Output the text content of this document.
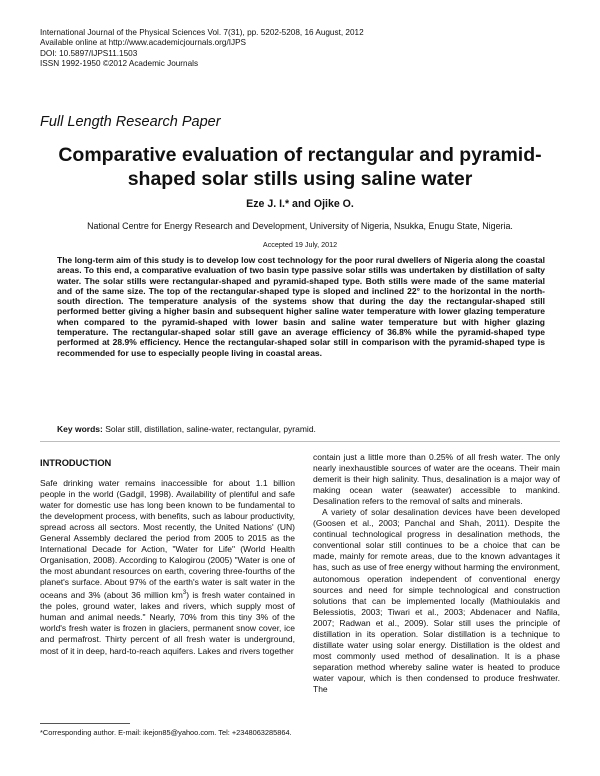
International Journal of the Physical Sciences Vol. 7(31), pp. 5202-5208, 16 August, 2012
Available online at http://www.academicjournals.org/IJPS
DOI: 10.5897/IJPS11.1503
ISSN 1992-1950 ©2012 Academic Journals
Full Length Research Paper
Comparative evaluation of rectangular and pyramid-shaped solar stills using saline water
Eze J. I.* and Ojike O.
National Centre for Energy Research and Development, University of Nigeria, Nsukka, Enugu State, Nigeria.
Accepted 19 July, 2012
The long-term aim of this study is to develop low cost technology for the poor rural dwellers of Nigeria along the coastal areas. To this end, a comparative evaluation of two basin type passive solar stills was undertaken by distillation of salty water. The solar stills were rectangular-shaped and pyramid-shaped type. Both stills were made of the same material and of the same size. The top of the rectangular-shaped type is sloped and inclined 22° to the horizontal in the north-south direction. The temperature analysis of the systems show that during the day the rectangular-shaped still performed better giving a higher basin and subsequent higher saline water temperature with lower glazing temperature when compared to the pyramid-shaped with lower basin and saline water temperature but with higher glazing temperature. The rectangular-shaped solar still gave an average efficiency of 36.8% while the pyramid-shaped type performed at 28.9% efficiency. Hence the rectangular-shaped solar still in comparison with the pyramid-shaped type is recommended for use to especially people living in coastal areas.
Key words: Solar still, distillation, saline-water, rectangular, pyramid.
INTRODUCTION

Safe drinking water remains inaccessible for about 1.1 billion people in the world (Gadgil, 1998). Availability of plentiful and safe water for domestic use has long been known to be fundamental to the development process, with benefits, such as labour productivity, spread across all sectors. Most recently, the United Nations' (UN) General Assembly declared the period from 2005 to 2015 as the International Decade for Action, "Water for Life" (World Health Organisation, 2008). According to Kalogirou (2005) "Water is one of the most abundant resources on earth, covering three-fourths of the planet's surface. About 97% of the earth's water is salt water in the oceans and 3% (about 36 million $km^3$) is fresh water contained in the poles, ground water, lakes and rivers, which supply most of human and animal needs." Nearly, 70% from this tiny 3% of the world's fresh water is frozen in glaciers, permanent snow cover, ice and permafrost. Thirty percent of all fresh water is underground, most of it in deep, hard-to-reach aquifers. Lakes and rivers together

contain just a little more than 0.25% of all fresh water. The only nearly inexhaustible sources of water are the oceans. Their main demerit is their high salinity. Thus, desalination is a major way of making ocean water (seawater) accessible to mankind. Desalination refers to the removal of salts and minerals.

A variety of solar desalination devices have been developed (Goosen et al., 2003; Panchal and Shah, 2011). Despite the continual technological progress in desalination methods, the conventional solar still continues to be a choice that can be made, mainly for remote areas, due to the known advantages it has, such as use of free energy without harming the environment, autonomous operation independent of conventional energy sources and need for simple technological and construction solutions that can be implemented locally (Mathioulakis and Belessiotis, 2003; Tiwari et al., 2003; Abdenacer and Nafila, 2007; Radwan et al., 2009). Solar still uses the principle of distillation in its operation. Solar distillation is a technique to distillate water using solar energy. Distillation is the oldest and most commonly used method of desalination. It is a phase separation method whereby saline water is heated to produce water vapour, which is then condensed to produce freshwater. The

*Corresponding author. E-mail: ikejon85@yahoo.com. Tel: +2348063285864.
